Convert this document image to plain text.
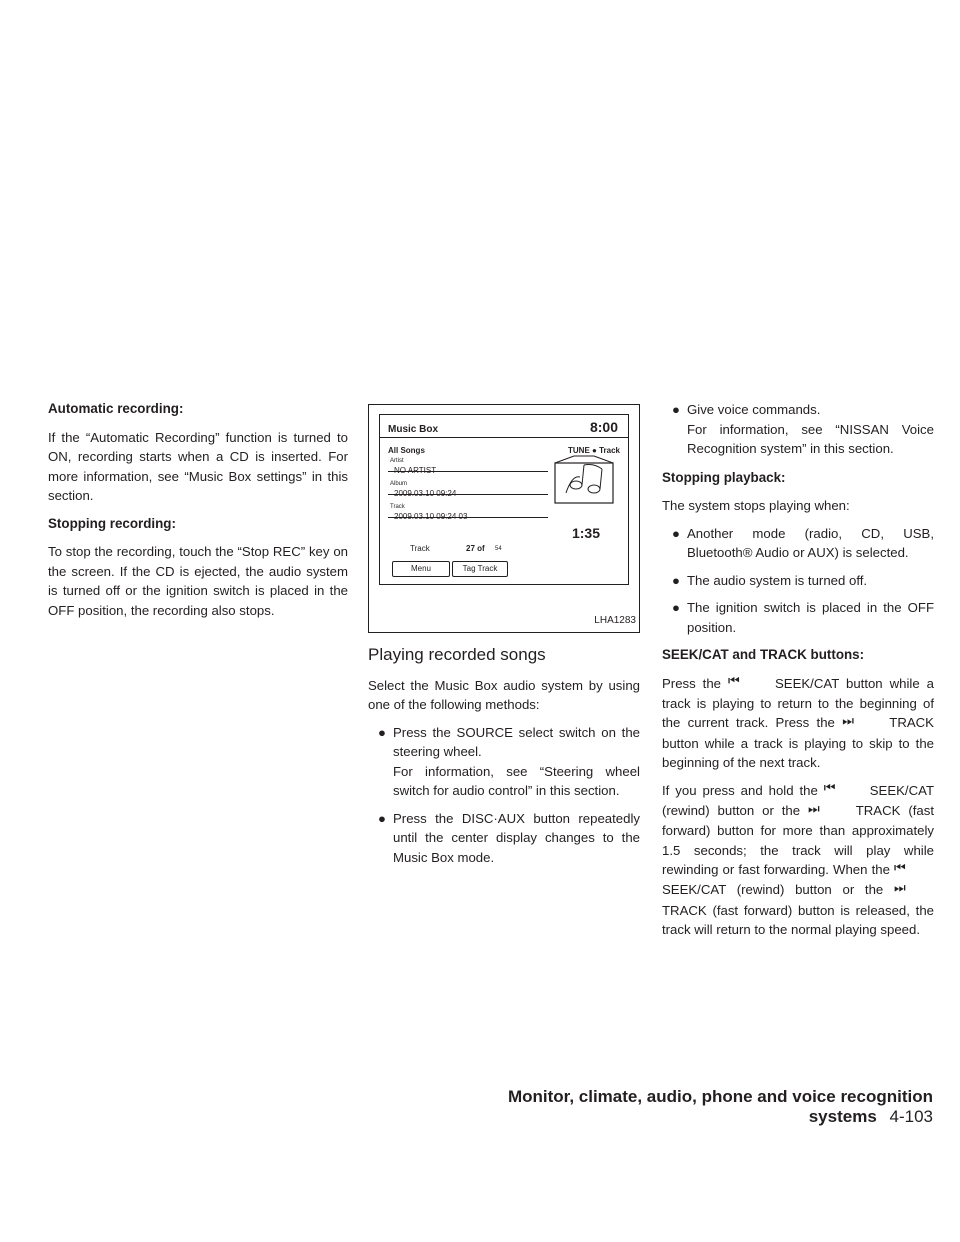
Automatic recording:

If the “Automatic Recording” function is turned to ON, recording starts when a CD is inserted. For more information, see “Music Box settings” in this section.

Stopping recording:

To stop the recording, touch the “Stop REC” key on the screen. If the CD is ejected, the audio system is turned off or the ignition switch is placed in the OFF position, the recording also stops.

Music Box	8:00
All Songs	TUNE ● Track
Artist
NO ARTIST
Album
2009.03.10 09:24
Track
2009.03.10 09:24 03
Track	27 of 54
1:35
Menu	Tag Track
LHA1283
Playing recorded songs

Select the Music Box audio system by using one of the following methods:

● Press the SOURCE select switch on the steering wheel.
For information, see “Steering wheel switch for audio control” in this section.
● Press the DISC·AUX button repeatedly until the center display changes to the Music Box mode.
● Give voice commands.
For information, see “NISSAN Voice Recognition system” in this section.
Stopping playback:

The system stops playing when:

● Another mode (radio, CD, USB, Bluetooth® Audio or AUX) is selected.
● The audio system is turned off.
● The ignition switch is placed in the OFF position.
SEEK/CAT and TRACK buttons:

Press the ⏮	SEEK/CAT button while a track is playing to return to the beginning of the current track. Press the ⏭	TRACK button while a track is playing to skip to the beginning of the next track.

If you press and hold the ⏮	SEEK/CAT (rewind) button or the ⏭	TRACK (fast forward) button for more than approximately 1.5 seconds; the track will play while rewinding or fast forwarding. When the ⏮ SEEK/CAT (rewind) button or the ⏭ TRACK (fast forward) button is released, the track will return to the normal playing speed.

Monitor, climate, audio, phone and voice recognition systems 4-103
